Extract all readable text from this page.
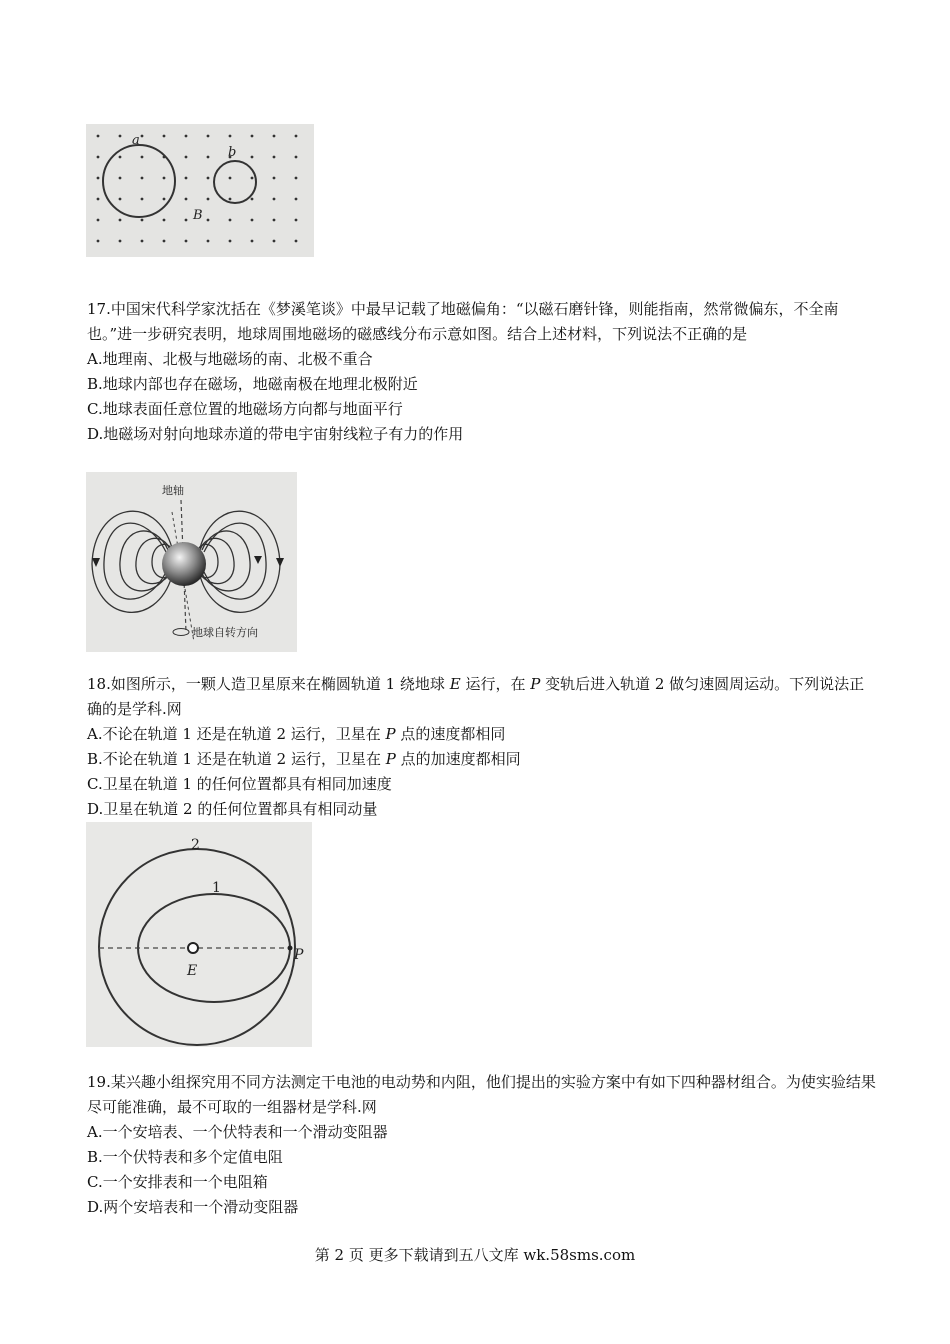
a
b
B

17.中国宋代科学家沈括在《梦溪笔谈》中最早记载了地磁偏角：“以磁石磨针锋，则能指南，然常微偏东，不全南也。”进一步研究表明，地球周围地磁场的磁感线分布示意如图。结合上述材料，下列说法不正确的是

A.地理南、北极与地磁场的南、北极不重合

B.地球内部也存在磁场，地磁南极在地理北极附近

C.地球表面任意位置的地磁场方向都与地面平行

D.地磁场对射向地球赤道的带电宇宙射线粒子有力的作用

地轴
地球自转方向

18.如图所示，一颗人造卫星原来在椭圆轨道 1 绕地球 E 运行，在 P 变轨后进入轨道 2 做匀速圆周运动。下列说法正确的是学科.网

A.不论在轨道 1 还是在轨道 2 运行，卫星在 P 点的速度都相同

B.不论在轨道 1 还是在轨道 2 运行，卫星在 P 点的加速度都相同

C.卫星在轨道 1 的任何位置都具有相同加速度

D.卫星在轨道 2 的任何位置都具有相同动量

2
1
E
P

19.某兴趣小组探究用不同方法测定干电池的电动势和内阻，他们提出的实验方案中有如下四种器材组合。为使实验结果尽可能准确，最不可取的一组器材是学科.网

A.一个安培表、一个伏特表和一个滑动变阻器

B.一个伏特表和多个定值电阻

C.一个安排表和一个电阻箱

D.两个安培表和一个滑动变阻器

第 2 页 更多下载请到五八文库 wk.58sms.com
